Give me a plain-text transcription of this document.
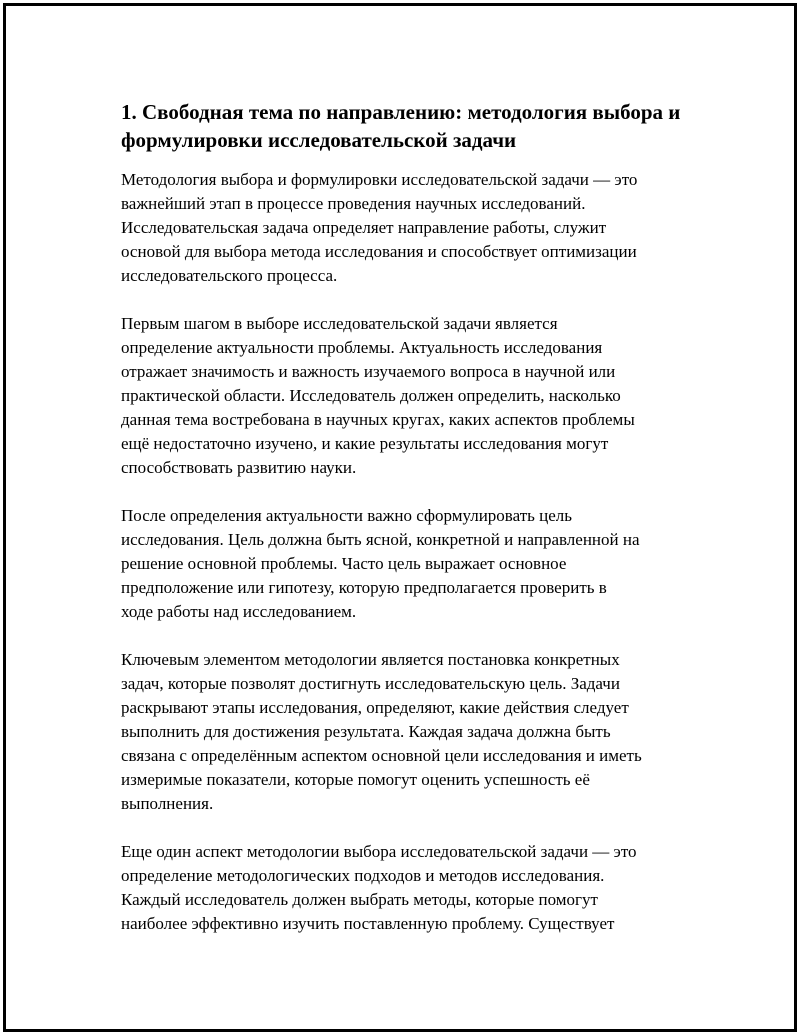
1. Свободная тема по направлению: методология выбора и
формулировки исследовательской задачи

Методология выбора и формулировки исследовательской задачи — это
важнейший этап в процессе проведения научных исследований.
Исследовательская задача определяет направление работы, служит
основой для выбора метода исследования и способствует оптимизации
исследовательского процесса.

Первым шагом в выборе исследовательской задачи является
определение актуальности проблемы. Актуальность исследования
отражает значимость и важность изучаемого вопроса в научной или
практической области. Исследователь должен определить, насколько
данная тема востребована в научных кругах, каких аспектов проблемы
ещё недостаточно изучено, и какие результаты исследования могут
способствовать развитию науки.

После определения актуальности важно сформулировать цель
исследования. Цель должна быть ясной, конкретной и направленной на
решение основной проблемы. Часто цель выражает основное
предположение или гипотезу, которую предполагается проверить в
ходе работы над исследованием.

Ключевым элементом методологии является постановка конкретных
задач, которые позволят достигнуть исследовательскую цель. Задачи
раскрывают этапы исследования, определяют, какие действия следует
выполнить для достижения результата. Каждая задача должна быть
связана с определённым аспектом основной цели исследования и иметь
измеримые показатели, которые помогут оценить успешность её
выполнения.

Еще один аспект методологии выбора исследовательской задачи — это
определение методологических подходов и методов исследования.
Каждый исследователь должен выбрать методы, которые помогут
наиболее эффективно изучить поставленную проблему. Существует
